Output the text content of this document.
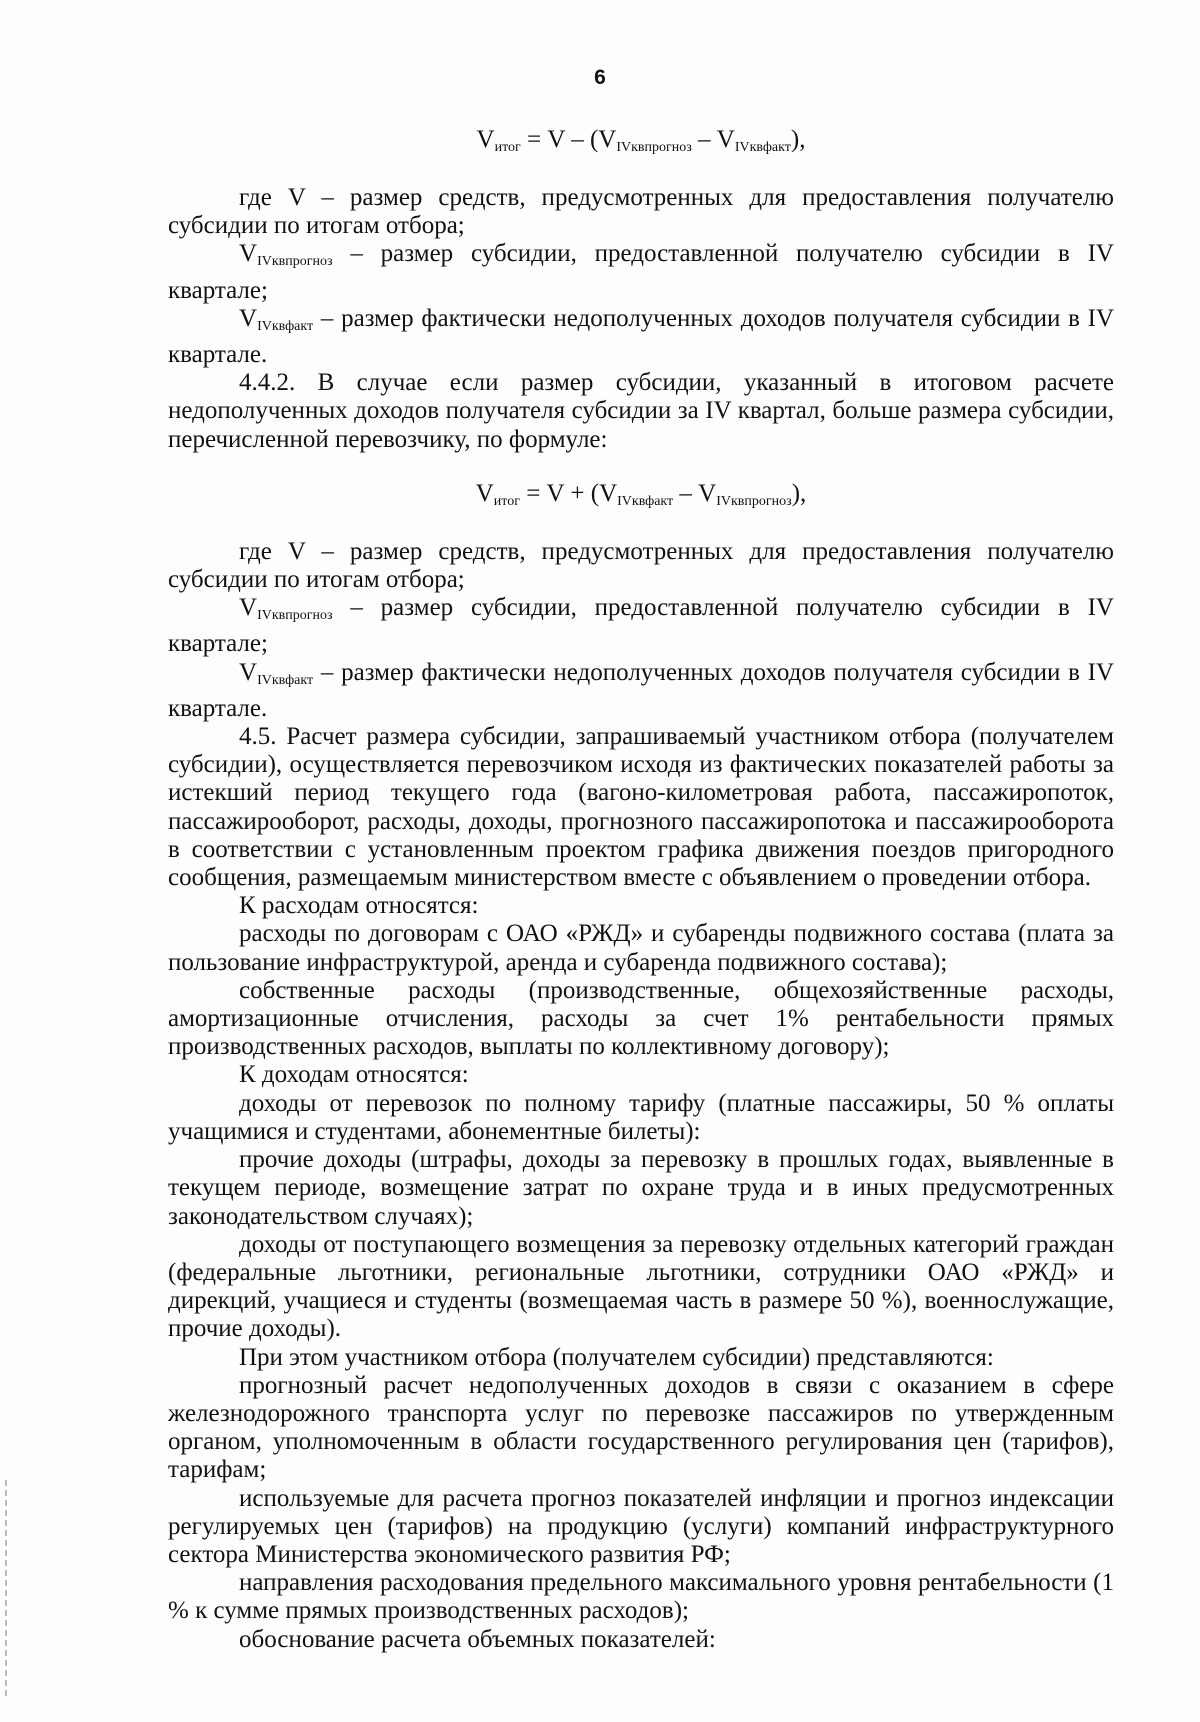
6
$V_{итог} = V - (V_{IVквпрогноз} - V_{IVквфакт})$,

где V – размер средств, предусмотренных для предоставления получателю субсидии по итогам отбора;

$V_{IVквпрогноз}$ – размер субсидии, предоставленной получателю субсидии в IV квартале;

$V_{IVквфакт}$ – размер фактически недополученных доходов получателя субсидии в IV квартале.

4.4.2. В случае если размер субсидии, указанный в итоговом расчете недополученных доходов получателя субсидии за IV квартал, больше размера субсидии, перечисленной перевозчику, по формуле:

$V_{итог} = V + (V_{IVквфакт} - V_{IVквпрогноз})$,

где V – размер средств, предусмотренных для предоставления получателю субсидии по итогам отбора;

$V_{IVквпрогноз}$ – размер субсидии, предоставленной получателю субсидии в IV квартале;

$V_{IVквфакт}$ – размер фактически недополученных доходов получателя субсидии в IV квартале.

4.5. Расчет размера субсидии, запрашиваемый участником отбора (получателем субсидии), осуществляется перевозчиком исходя из фактических показателей работы за истекший период текущего года (вагоно-километровая работа, пассажиропоток, пассажирооборот, расходы, доходы, прогнозного пассажиропотока и пассажирооборота в соответствии с установленным проектом графика движения поездов пригородного сообщения, размещаемым министерством вместе с объявлением о проведении отбора.

К расходам относятся:

расходы по договорам с ОАО «РЖД» и субаренды подвижного состава (плата за пользование инфраструктурой, аренда и субаренда подвижного состава);

собственные расходы (производственные, общехозяйственные расходы, амортизационные отчисления, расходы за счет 1% рентабельности прямых производственных расходов, выплаты по коллективному договору);

К доходам относятся:

доходы от перевозок по полному тарифу (платные пассажиры, 50 % оплаты учащимися и студентами, абонементные билеты):

прочие доходы (штрафы, доходы за перевозку в прошлых годах, выявленные в текущем периоде, возмещение затрат по охране труда и в иных предусмотренных законодательством случаях);

доходы от поступающего возмещения за перевозку отдельных категорий граждан (федеральные льготники, региональные льготники, сотрудники ОАО «РЖД» и дирекций, учащиеся и студенты (возмещаемая часть в размере 50 %), военнослужащие, прочие доходы).

При этом участником отбора (получателем субсидии) представляются:

прогнозный расчет недополученных доходов в связи с оказанием в сфере железнодорожного транспорта услуг по перевозке пассажиров по утвержденным органом, уполномоченным в области государственного регулирования цен (тарифов), тарифам;

используемые для расчета прогноз показателей инфляции и прогноз индексации регулируемых цен (тарифов) на продукцию (услуги) компаний инфраструктурного сектора Министерства экономического развития РФ;

направления расходования предельного максимального уровня рентабельности (1 % к сумме прямых производственных расходов);

обоснование расчета объемных показателей:
